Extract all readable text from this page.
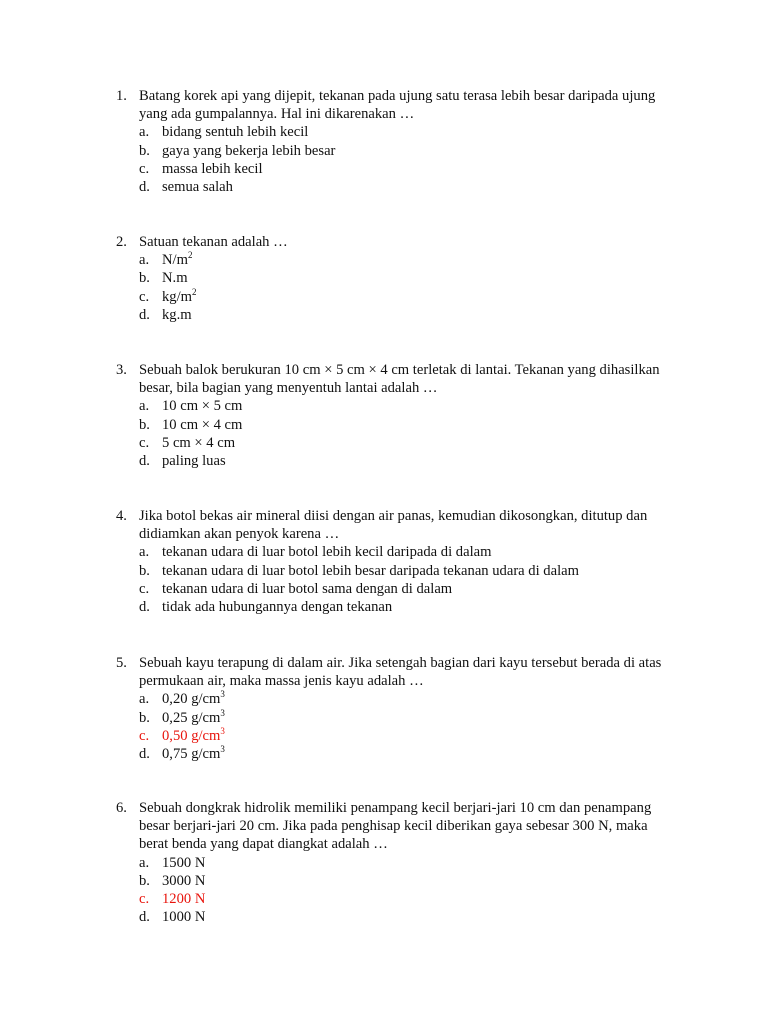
1. Batang korek api yang dijepit, tekanan pada ujung satu terasa lebih besar daripada ujung yang ada gumpalannya. Hal ini dikarenakan …
a. bidang sentuh lebih kecil
b. gaya yang bekerja lebih besar
c. massa lebih kecil
d. semua salah
2. Satuan tekanan adalah …
a. $N/m^2$
b. N.m
c. $kg/m^2$
d. kg.m
3. Sebuah balok berukuran 10 cm × 5 cm × 4 cm terletak di lantai. Tekanan yang dihasilkan besar, bila bagian yang menyentuh lantai adalah …
a. 10 cm × 5 cm
b. 10 cm × 4 cm
c. 5 cm × 4 cm
d. paling luas
4. Jika botol bekas air mineral diisi dengan air panas, kemudian dikosongkan, ditutup dan didiamkan akan penyok karena …
a. tekanan udara di luar botol lebih kecil daripada di dalam
b. tekanan udara di luar botol lebih besar daripada tekanan udara di dalam
c. tekanan udara di luar botol sama dengan di dalam
d. tidak ada hubungannya dengan tekanan
5. Sebuah kayu terapung di dalam air. Jika setengah bagian dari kayu tersebut berada di atas permukaan air, maka massa jenis kayu adalah …
a. 0,20 $g/cm^3$
b. 0,25 $g/cm^3$
c. 0,50 $g/cm^3$
d. 0,75 $g/cm^3$
6. Sebuah dongkrak hidrolik memiliki penampang kecil berjari-jari 10 cm dan penampang besar berjari-jari 20 cm. Jika pada penghisap kecil diberikan gaya sebesar 300 N, maka berat benda yang dapat diangkat adalah …
a. 1500 N
b. 3000 N
c. 1200 N
d. 1000 N
